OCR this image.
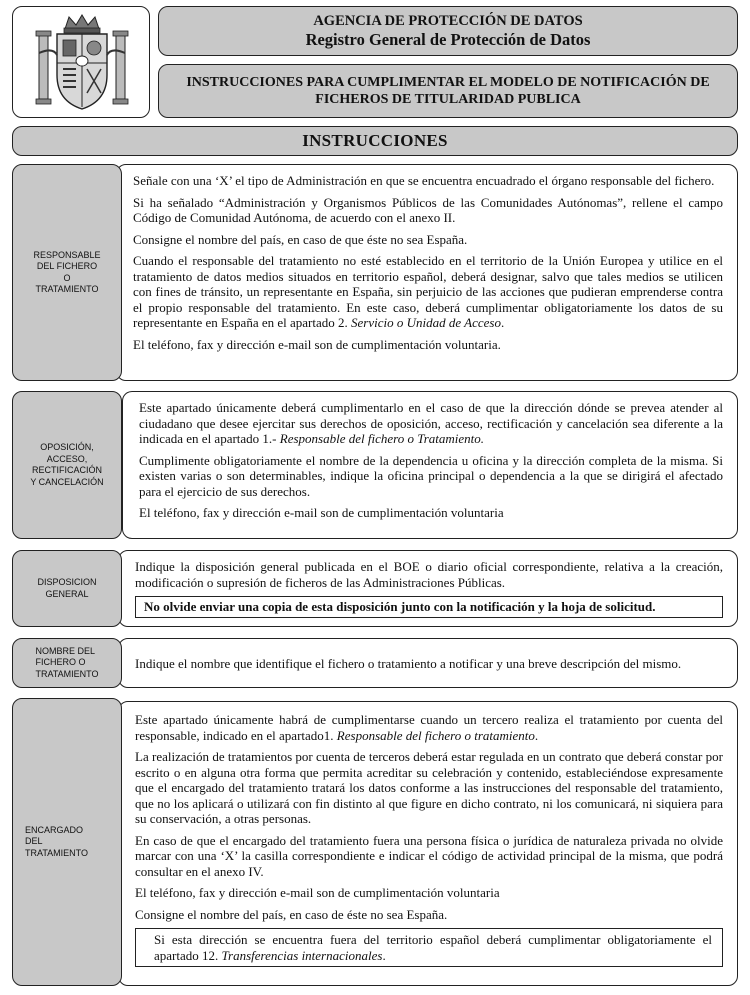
AGENCIA DE PROTECCIÓN DE DATOS
Registro General de Protección de Datos
INSTRUCCIONES PARA CUMPLIMENTAR EL MODELO DE NOTIFICACIÓN DE FICHEROS DE TITULARIDAD PUBLICA
INSTRUCCIONES

Señale con una ‘X’ el tipo de Administración en que se encuentra encuadrado el órgano responsable del fichero.

Si ha señalado “Administración y Organismos Públicos de las Comunidades Autónomas”, rellene el campo Código de Comunidad Autónoma, de acuerdo con el anexo II.

Consigne el nombre del país, en caso de que éste no sea España.

Cuando el responsable del tratamiento no esté establecido en el territorio de la Unión Europea y utilice en el tratamiento de datos medios situados en territorio español, deberá designar, salvo que tales medios se utilicen con fines de tránsito, un representante en España, sin perjuicio de las acciones que pudieran emprenderse contra el propio responsable del tratamiento. En este caso, deberá cumplimentar obligatoriamente los datos de su representante en España en el apartado 2. Servicio o Unidad de Acceso.

El teléfono, fax y dirección e-mail son de cumplimentación voluntaria.

RESPONSABLE
DEL FICHERO
O
TRATAMIENTO

Este apartado únicamente deberá cumplimentarlo en el caso de que la dirección dónde se prevea atender al ciudadano que desee ejercitar sus derechos de oposición, acceso, rectificación y cancelación sea diferente a la indicada en el apartado 1.- Responsable del fichero o Tratamiento.

Cumplimente obligatoriamente el nombre de la dependencia u oficina y la dirección completa de la misma. Si existen varias o son determinables, indique la oficina principal o dependencia a la que se dirigirá el afectado para el ejercicio de sus derechos.

El teléfono, fax y dirección e-mail son de cumplimentación voluntaria

OPOSICIÓN,
ACCESO,
RECTIFICACIÓN
Y CANCELACIÓN

Indique la disposición general publicada en el BOE o diario oficial correspondiente, relativa a la creación, modificación o supresión de ficheros de las Administraciones Públicas.

No olvide enviar una copia de esta disposición junto con la notificación y la hoja de solicitud.
DISPOSICION
GENERAL

Indique el nombre que identifique el fichero o tratamiento a notificar y una breve descripción del mismo.

NOMBRE DEL
FICHERO O
TRATAMIENTO

Este apartado únicamente habrá de cumplimentarse cuando un tercero realiza el tratamiento por cuenta del responsable, indicado en el apartado1. Responsable del fichero o tratamiento.

La realización de tratamientos por cuenta de terceros deberá estar regulada en un contrato que deberá constar por escrito o en alguna otra forma que permita acreditar su celebración y contenido, estableciéndose expresamente que el encargado del tratamiento tratará los datos conforme a las instrucciones del responsable del tratamiento, que no los aplicará o utilizará con fin distinto al que figure en dicho contrato, ni los comunicará, ni siquiera para su conservación, a otras personas.

En caso de que el encargado del tratamiento fuera una persona física o jurídica de naturaleza privada no olvide marcar con una ‘X’ la casilla correspondiente e indicar el código de actividad principal de la misma, que podrá consultar en el anexo IV.

El teléfono, fax y dirección e-mail son de cumplimentación voluntaria

Consigne el nombre del país, en caso de éste no sea España.

Si esta dirección se encuentra fuera del territorio español deberá cumplimentar obligatoriamente el apartado 12. Transferencias internacionales.
ENCARGADO
DEL
TRATAMIENTO
